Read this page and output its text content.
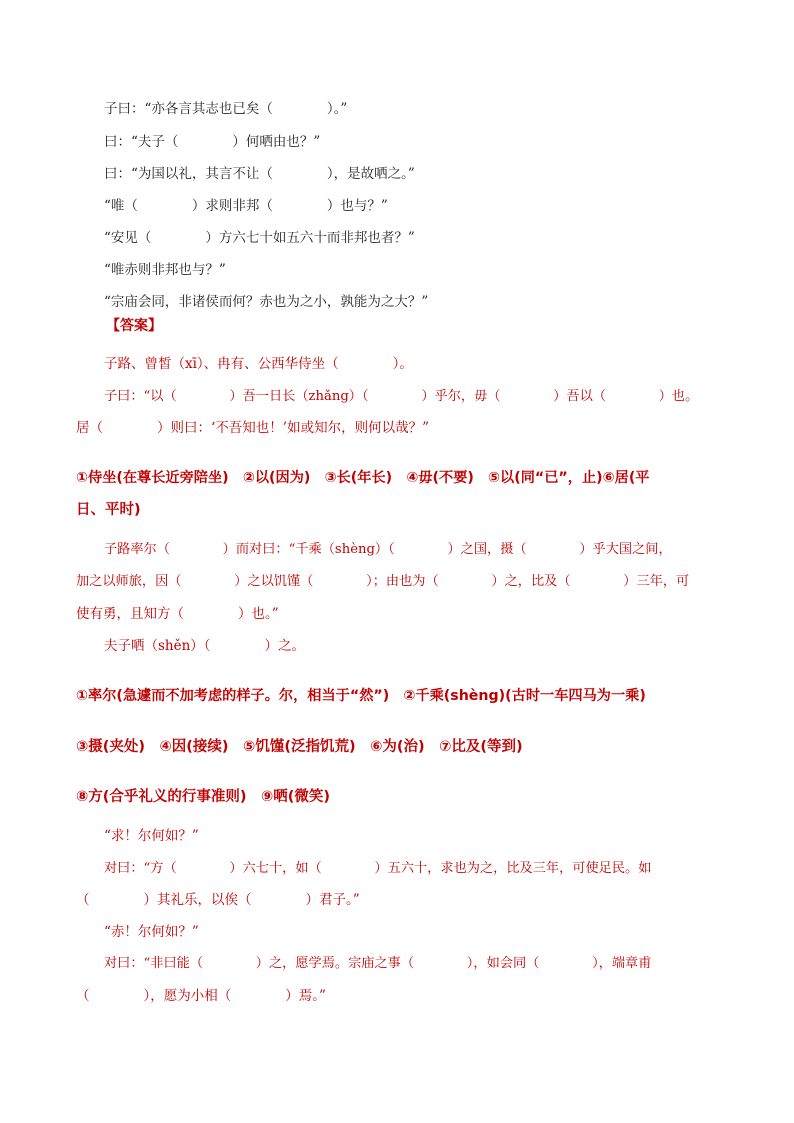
子曰：“亦各言其志也已矣（　　　　）。”
曰：“夫子（　　　　）何哂由也？”
曰：“为国以礼，其言不让（　　　　），是故哂之。”
“唯（　　　　）求则非邦（　　　　）也与？”
“安见（　　　　）方六七十如五六十而非邦也者？”
“唯赤则非邦也与？”
“宗庙会同，非诸侯而何？赤也为之小，孰能为之大？”
【答案】
子路、曾皙（xī）、冉有、公西华侍坐（　　　　）。
子曰：“以（　　　　）吾一日长（zhǎng）（　　　　）乎尔，毋（　　　　）吾以（　　　　）也。
居（　　　　）则曰：‘不吾知也！’如或知尔，则何以哉？”
①侍坐(在尊长近旁陪坐)　②以(因为)　③长(年长)　④毋(不要)　⑤以(同“已”，止)⑥居(平
日、平时)
子路率尔（　　　　）而对曰：“千乘（shèng）（　　　　）之国，摄（　　　　）乎大国之间，
加之以师旅，因（　　　　）之以饥馑（　　　　）；由也为（　　　　）之，比及（　　　　）三年，可
使有勇，且知方（　　　　）也。”
夫子哂（shěn）（　　　　）之。
①率尔(急遽而不加考虑的样子。尔，相当于“然”)　②千乘(shèng)(古时一车四马为一乘)
③摄(夹处)　④因(接续)　⑤饥馑(泛指饥荒)　⑥为(治)　⑦比及(等到)
⑧方(合乎礼义的行事准则)　⑨哂(微笑)
“求！尔何如？”
对曰：“方（　　　　）六七十，如（　　　　）五六十，求也为之，比及三年，可使足民。如
（　　　　）其礼乐，以俟（　　　　）君子。”
“赤！尔何如？”
对曰：“非曰能（　　　　）之，愿学焉。宗庙之事（　　　　），如会同（　　　　），端章甫
（　　　　），愿为小相（　　　　）焉。”
